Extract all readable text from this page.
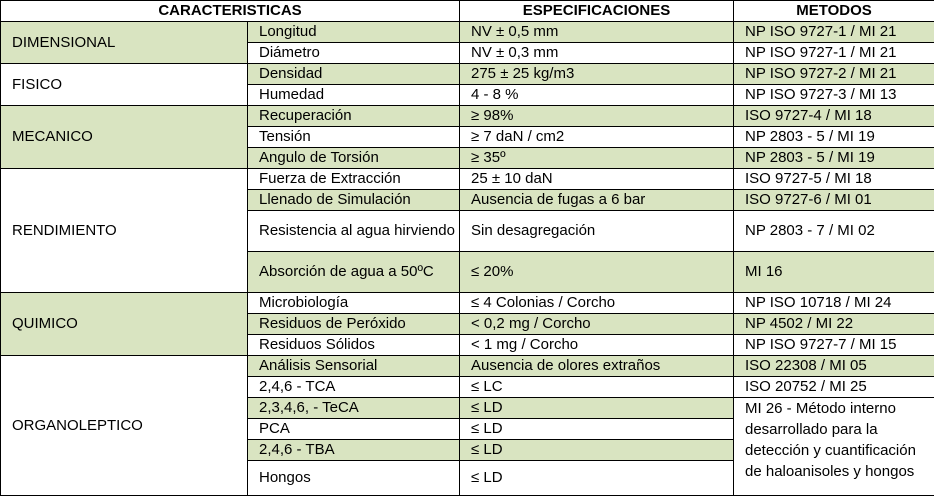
CARACTERISTICAS		ESPECIFICACIONES	METODOS
DIMENSIONAL	Longitud	NV ± 0,5 mm	NP ISO 9727-1 / MI 21
	Diámetro	NV ± 0,3 mm	NP ISO 9727-1 / MI 21
FISICO	Densidad	275 ± 25 kg/m3	NP ISO 9727-2 / MI 21
	Humedad	4 - 8 %	NP ISO 9727-3 / MI 13
MECANICO	Recuperación	≥ 98%	ISO 9727-4 / MI 18
	Tensión	≥ 7 daN / cm2	NP 2803 - 5 / MI 19
	Angulo de Torsión	≥ 35º	NP 2803 - 5 / MI 19
RENDIMIENTO	Fuerza de Extracción	25 ± 10 daN	ISO 9727-5 / MI 18
	Llenado de Simulación	Ausencia de fugas a 6 bar	ISO 9727-6 / MI 01
	Resistencia al agua hirviendo	Sin desagregación	NP 2803 - 7 / MI 02
	Absorción de agua a 50ºC	≤ 20%	MI 16
QUIMICO	Microbiología	≤ 4 Colonias / Corcho	NP ISO 10718 / MI 24
	Residuos de Peróxido	< 0,2 mg / Corcho	NP 4502 / MI 22
	Residuos Sólidos	< 1 mg / Corcho	NP ISO 9727-7 / MI 15
ORGANOLEPTICO	Análisis Sensorial	Ausencia de olores extraños	ISO 22308 / MI 05
	2,4,6 - TCA	≤ LC	ISO 20752 / MI 25
	2,3,4,6, - TeCA	≤ LD	MI 26 - Método interno desarrollado para la detección y cuantificación de haloanisoles y hongos
	PCA	≤ LD	
	2,4,6 - TBA	≤ LD	
	Hongos	≤ LD	
